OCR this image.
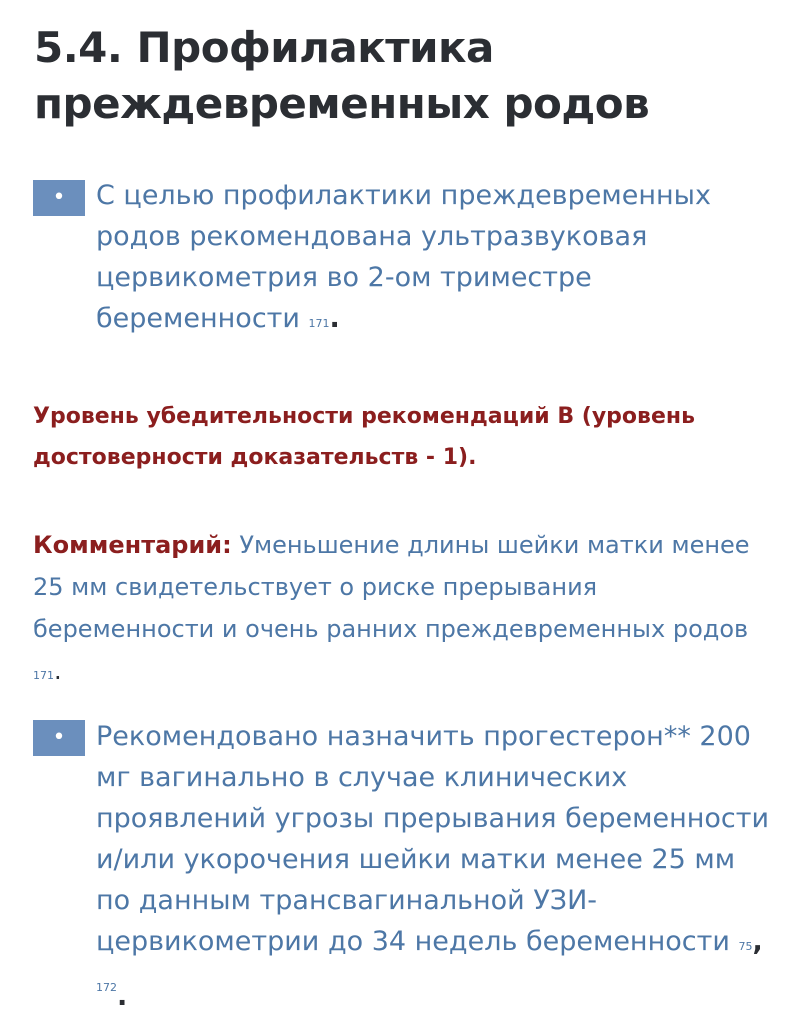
5.4. Профилактика
преждевременных родов
•	С целью профилактики преждевременных родов рекомендована ультразвуковая цервикометрия во 2-ом триместре беременности 171.

Уровень убедительности рекомендаций B (уровень
достоверности доказательств - 1).

Комментарий: Уменьшение длины шейки матки менее 25 мм свидетельствует о риске прерывания беременности и очень ранних преждевременных родов 171.

•	Рекомендовано назначить прогестерон** 200 мг вагинально в случае клинических проявлений угрозы прерывания беременности и/или укорочения шейки матки менее 25 мм по данным трансвагинальной УЗИ-цервикометрии до 34 недель беременности 75, $^{172}$.
